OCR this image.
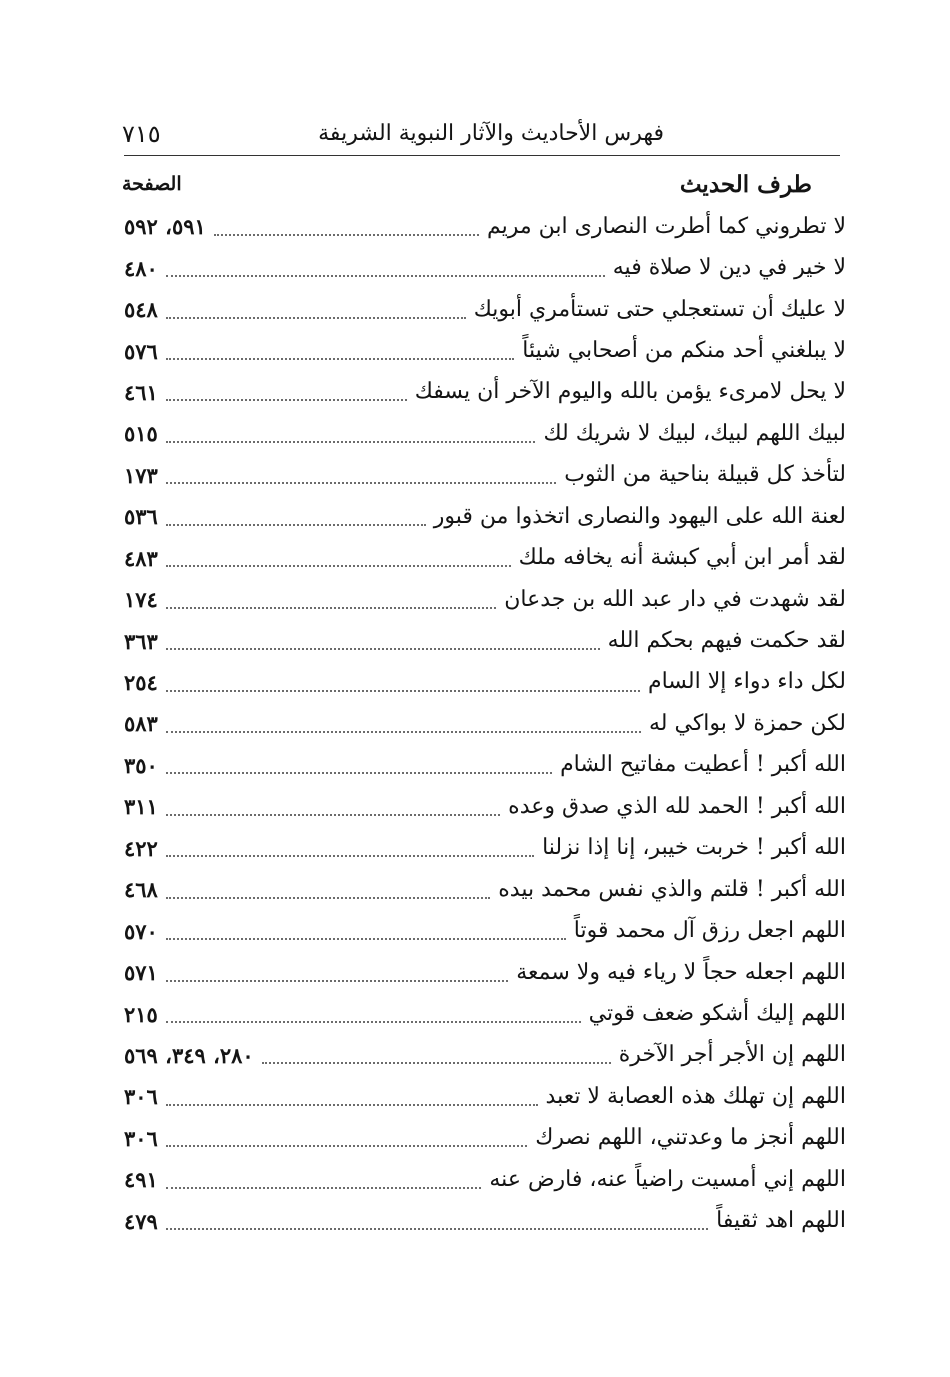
فهرس الأحاديث والآثار النبوية الشريفة
٧١٥
طرف الحديث
الصفحة
لا تطروني كما أطرت النصارى ابن مريم
٥٩١، ٥٩٢
لا خير في دين لا صلاة فيه
٤٨٠
لا عليك أن تستعجلي حتى تستأمري أبويك
٥٤٨
لا يبلغني أحد منكم من أصحابي شيئاً
٥٧٦
لا يحل لامرىء يؤمن بالله واليوم الآخر أن يسفك
٤٦١
لبيك اللهم لبيك، لبيك لا شريك لك
٥١٥
لتأخذ كل قبيلة بناحية من الثوب
١٧٣
لعنة الله على اليهود والنصارى اتخذوا من قبور
٥٣٦
لقد أمر ابن أبي كبشة أنه يخافه ملك
٤٨٣
لقد شهدت في دار عبد الله بن جدعان
١٧٤
لقد حكمت فيهم بحكم الله
٣٦٣
لكل داء دواء إلا السام
٢٥٤
لكن حمزة لا بواكي له
٥٨٣
الله أكبر ! أعطيت مفاتيح الشام
٣٥٠
الله أكبر ! الحمد لله الذي صدق وعده
٣١١
الله أكبر ! خربت خيبر، إنا إذا نزلنا
٤٢٢
الله أكبر ! قلتم والذي نفس محمد بيده
٤٦٨
اللهم اجعل رزق آل محمد قوتاً
٥٧٠
اللهم اجعله حجاً لا رياء فيه ولا سمعة
٥٧١
اللهم إليك أشكو ضعف قوتي
٢١٥
اللهم إن الأجر أجر الآخرة
٢٨٠، ٣٤٩، ٥٦٩
اللهم إن تهلك هذه العصابة لا تعبد
٣٠٦
اللهم أنجز ما وعدتني، اللهم نصرك
٣٠٦
اللهم إني أمسيت راضياً عنه، فارض عنه
٤٩١
اللهم اهد ثقيفاً
٤٧٩
